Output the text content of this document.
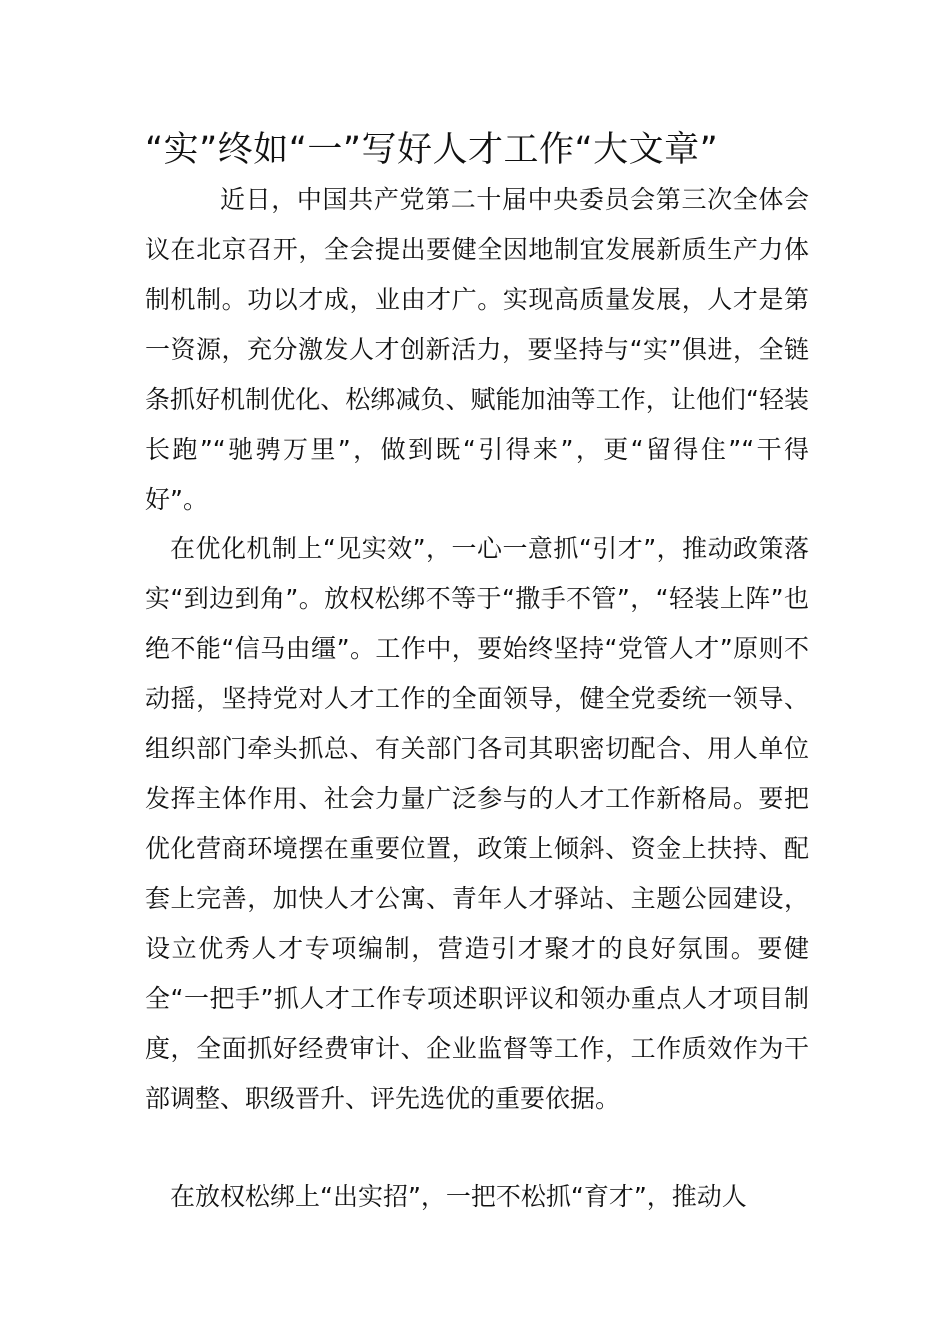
“实”终如“一”写好人才工作“大文章”
近日，中国共产党第二十届中央委员会第三次全体会议在北京召开，全会提出要健全因地制宜发展新质生产力体制机制。功以才成，业由才广。实现高质量发展，人才是第一资源，充分激发人才创新活力，要坚持与“实”俱进，全链条抓好机制优化、松绑减负、赋能加油等工作，让他们“轻装长跑”“驰骋万里”，做到既“引得来”，更“留得住”“干得好”。
在优化机制上“见实效”，一心一意抓“引才”，推动政策落实“到边到角”。放权松绑不等于“撒手不管”，“轻装上阵”也绝不能“信马由缰”。工作中，要始终坚持“党管人才”原则不动摇，坚持党对人才工作的全面领导，健全党委统一领导、组织部门牵头抓总、有关部门各司其职密切配合、用人单位发挥主体作用、社会力量广泛参与的人才工作新格局。要把优化营商环境摆在重要位置，政策上倾斜、资金上扶持、配套上完善，加快人才公寓、青年人才驿站、主题公园建设，设立优秀人才专项编制，营造引才聚才的良好氛围。要健全“一把手”抓人才工作专项述职评议和领办重点人才项目制度，全面抓好经费审计、企业监督等工作，工作质效作为干部调整、职级晋升、评先选优的重要依据。
在放权松绑上“出实招”，一把不松抓“育才”，推动人
